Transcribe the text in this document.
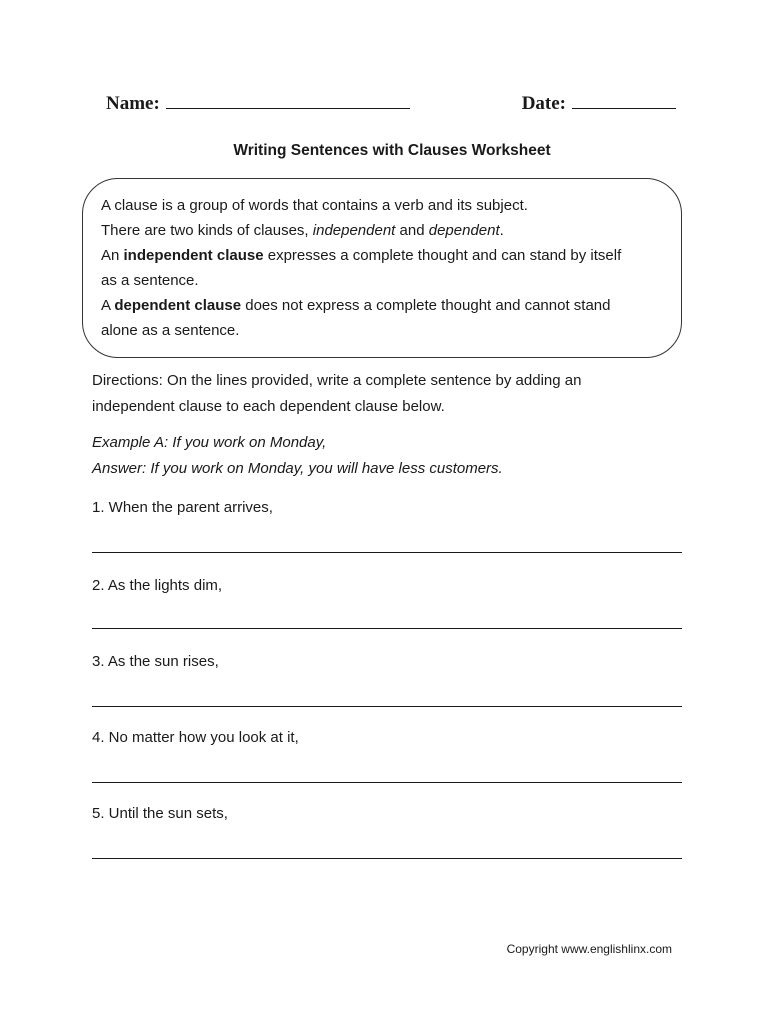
Name:	Date:
Writing Sentences with Clauses Worksheet

A clause is a group of words that contains a verb and its subject.

There are two kinds of clauses, independent and dependent.

An independent clause expresses a complete thought and can stand by itself

as a sentence.

A dependent clause does not express a complete thought and cannot stand

alone as a sentence.

Directions: On the lines provided, write a complete sentence by adding an
independent clause to each dependent clause below.
Example A: If you work on Monday,
Answer: If you work on Monday, you will have less customers.
1. When the parent arrives,
2. As the lights dim,
3. As the sun rises,
4. No matter how you look at it,
5. Until the sun sets,
Copyright www.englishlinx.com
